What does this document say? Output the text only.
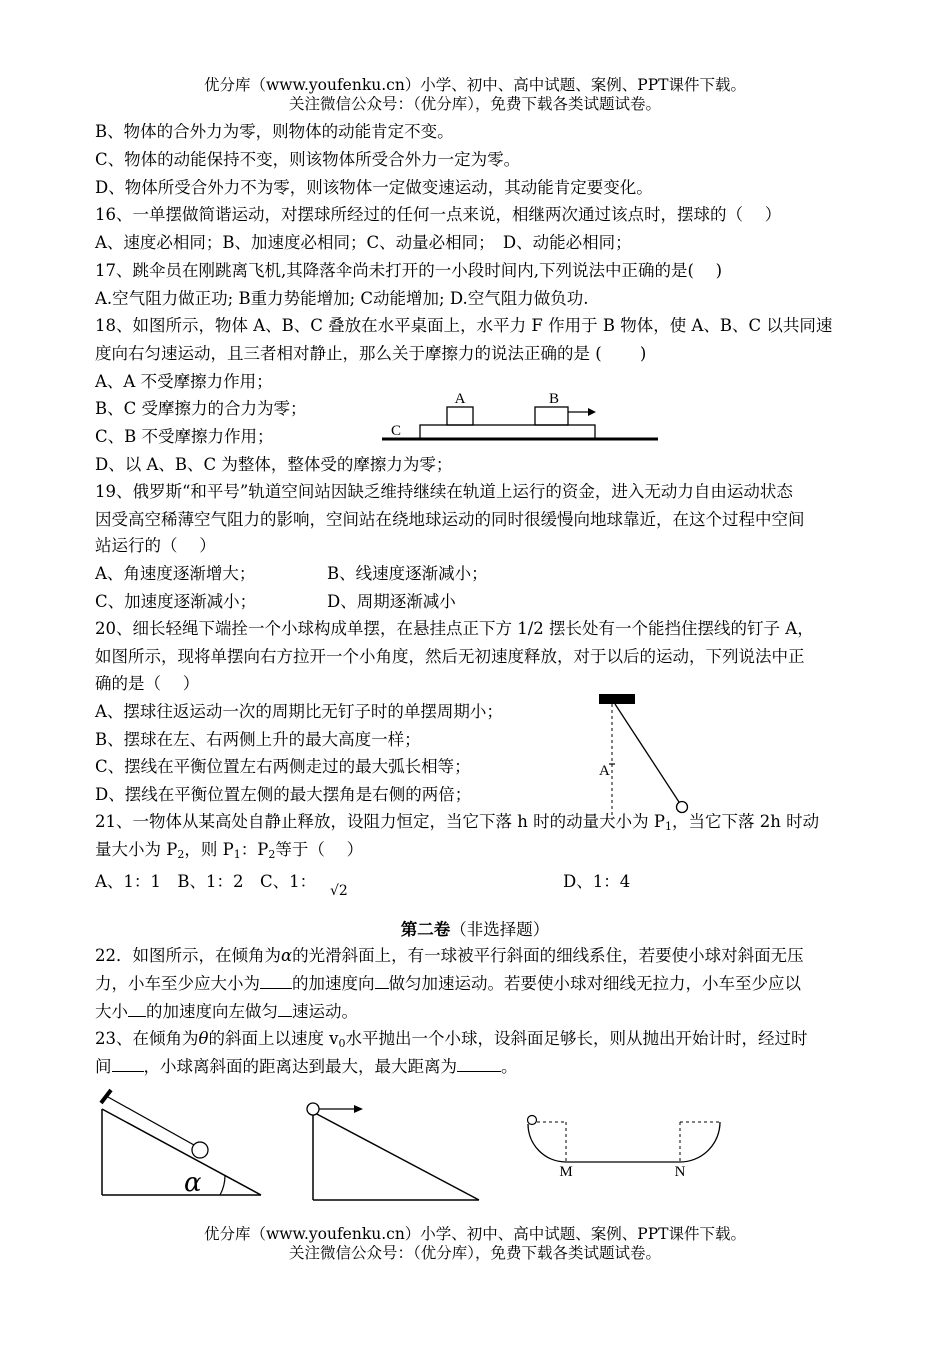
优分库（www.youfenku.cn）小学、初中、高中试题、案例、PPT课件下载。
关注微信公众号：（优分库），免费下载各类试题试卷。
B、物体的合外力为零，则物体的动能肯定不变。
C、物体的动能保持不变，则该物体所受合外力一定为零。
D、物体所受合外力不为零，则该物体一定做变速运动，其动能肯定要变化。
16、一单摆做简谐运动，对摆球所经过的任何一点来说，相继两次通过该点时，摆球的（　 ）
A、速度必相同；B、加速度必相同；C、动量必相同；　D、动能必相同；
17、跳伞员在刚跳离飞机,其降落伞尚未打开的一小段时间内,下列说法中正确的是(　 )
A.空气阻力做正功; B重力势能增加; C动能增加; D.空气阻力做负功.
18、如图所示，物体 A、B、C 叠放在水平桌面上，水平力 F 作用于 B 物体，使 A、B、C 以共同速
度向右匀速运动，且三者相对静止，那么关于摩擦力的说法正确的是 (　　 )
A、A 不受摩擦力作用；
B、C 受摩擦力的合力为零；
C、B 不受摩擦力作用；
D、以 A、B、C 为整体，整体受的摩擦力为零；
A	B
C
19、俄罗斯“和平号”轨道空间站因缺乏维持继续在轨道上运行的资金，进入无动力自由运动状态
因受高空稀薄空气阻力的影响，空间站在绕地球运动的同时很缓慢向地球靠近，在这个过程中空间
站运行的（　 ）
A、角速度逐渐增大；	B、线速度逐渐减小；
C、加速度逐渐减小；	D、周期逐渐减小
20、细长轻绳下端拴一个小球构成单摆，在悬挂点正下方 1/2 摆长处有一个能挡住摆线的钉子 A，
如图所示，现将单摆向右方拉开一个小角度，然后无初速度释放，对于以后的运动，下列说法中正
确的是（　 ）
A、摆球往返运动一次的周期比无钉子时的单摆周期小；
B、摆球在左、右两侧上升的最大高度一样；
C、摆线在平衡位置左右两侧走过的最大弧长相等；
D、摆线在平衡位置左侧的最大摆角是右侧的两倍；
A
21、一物体从某高处自静止释放，设阻力恒定，当它下落 h 时的动量大小为 $P_1$，当它下落 2h 时动
量大小为 $P_2$，则 $P_1$：$P_2$等于（　 ）
A、1：1　B、1：2　C、1： √2	D、1：4
第二卷（非选择题）
22．如图所示，在倾角为α的光滑斜面上，有一球被平行斜面的细线系住，若要使小球对斜面无压
力，小车至少应大小为 的加速度向 做匀加速运动。若要使小球对细线无拉力，小车至少应以
大小 的加速度向左做匀 速运动。
23、在倾角为θ的斜面上以速度 $v_0$水平抛出一个小球，设斜面足够长，则从抛出开始计时，经过时
间 ，小球离斜面的距离达到最大，最大距离为	。
α	M	N
优分库（www.youfenku.cn）小学、初中、高中试题、案例、PPT课件下载。
关注微信公众号：（优分库），免费下载各类试题试卷。
